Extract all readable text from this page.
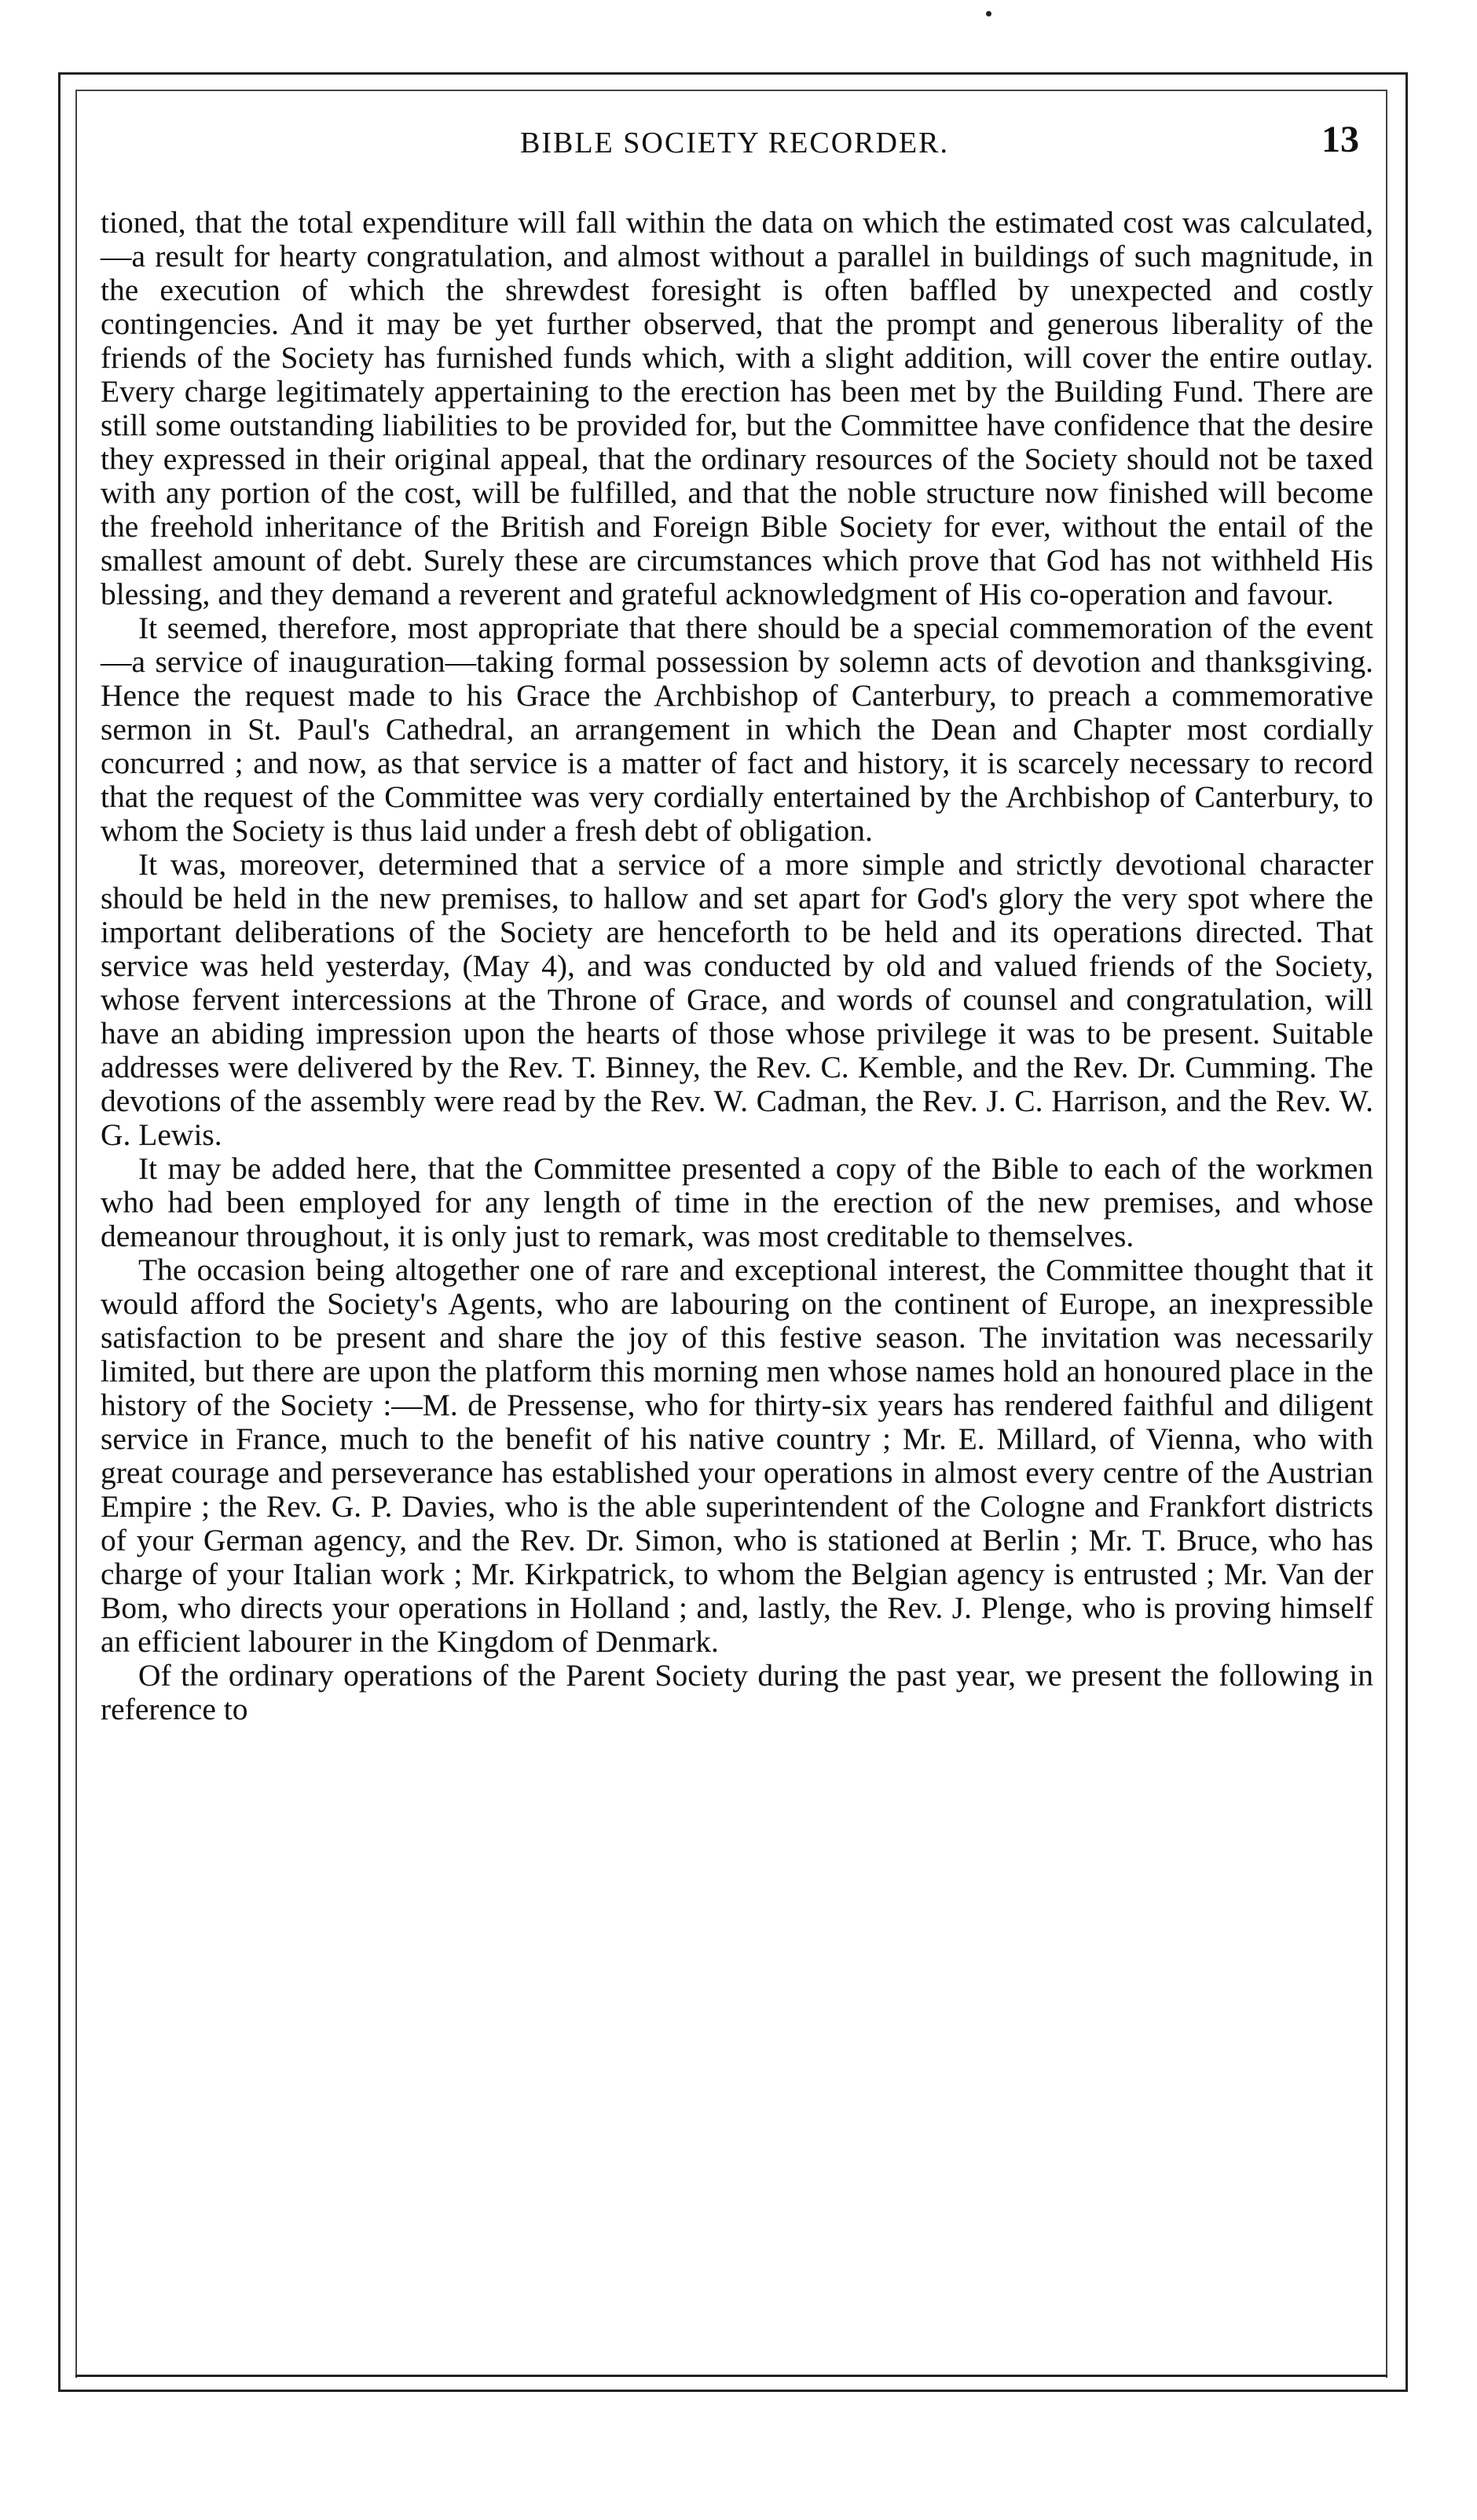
BIBLE SOCIETY RECORDER.	13

tioned, that the total expenditure will fall within the data on which the estimated cost was calculated,—a result for hearty congratulation, and almost without a parallel in buildings of such magnitude, in the execution of which the shrewdest foresight is often baffled by unexpected and costly contingencies. And it may be yet further observed, that the prompt and generous liberality of the friends of the Society has furnished funds which, with a slight addition, will cover the entire outlay. Every charge legitimately appertaining to the erection has been met by the Building Fund. There are still some outstanding liabilities to be provided for, but the Committee have confidence that the desire they expressed in their original appeal, that the ordinary resources of the Society should not be taxed with any portion of the cost, will be fulfilled, and that the noble structure now finished will become the freehold inheritance of the British and Foreign Bible Society for ever, without the entail of the smallest amount of debt. Surely these are circumstances which prove that God has not withheld His blessing, and they demand a reverent and grateful acknowledgment of His co-operation and favour.

It seemed, therefore, most appropriate that there should be a special commemoration of the event—a service of inauguration—taking formal possession by solemn acts of devotion and thanksgiving. Hence the request made to his Grace the Archbishop of Canterbury, to preach a commemorative sermon in St. Paul's Cathedral, an arrangement in which the Dean and Chapter most cordially concurred ; and now, as that service is a matter of fact and history, it is scarcely necessary to record that the request of the Committee was very cordially entertained by the Archbishop of Canterbury, to whom the Society is thus laid under a fresh debt of obligation.

It was, moreover, determined that a service of a more simple and strictly devotional character should be held in the new premises, to hallow and set apart for God's glory the very spot where the important deliberations of the Society are henceforth to be held and its operations directed. That service was held yesterday, (May 4), and was conducted by old and valued friends of the Society, whose fervent intercessions at the Throne of Grace, and words of counsel and congratulation, will have an abiding impression upon the hearts of those whose privilege it was to be present. Suitable addresses were delivered by the Rev. T. Binney, the Rev. C. Kemble, and the Rev. Dr. Cumming. The devotions of the assembly were read by the Rev. W. Cadman, the Rev. J. C. Harrison, and the Rev. W. G. Lewis.

It may be added here, that the Committee presented a copy of the Bible to each of the workmen who had been employed for any length of time in the erection of the new premises, and whose demeanour throughout, it is only just to remark, was most creditable to themselves.

The occasion being altogether one of rare and exceptional interest, the Committee thought that it would afford the Society's Agents, who are labouring on the continent of Europe, an inexpressible satisfaction to be present and share the joy of this festive season. The invitation was necessarily limited, but there are upon the platform this morning men whose names hold an honoured place in the history of the Society :—M. de Pressense, who for thirty-six years has rendered faithful and diligent service in France, much to the benefit of his native country ; Mr. E. Millard, of Vienna, who with great courage and perseverance has established your operations in almost every centre of the Austrian Empire ; the Rev. G. P. Davies, who is the able superintendent of the Cologne and Frankfort districts of your German agency, and the Rev. Dr. Simon, who is stationed at Berlin ; Mr. T. Bruce, who has charge of your Italian work ; Mr. Kirkpatrick, to whom the Belgian agency is entrusted ; Mr. Van der Bom, who directs your operations in Holland ; and, lastly, the Rev. J. Plenge, who is proving himself an efficient labourer in the Kingdom of Denmark.

Of the ordinary operations of the Parent Society during the past year, we present the following in reference to
